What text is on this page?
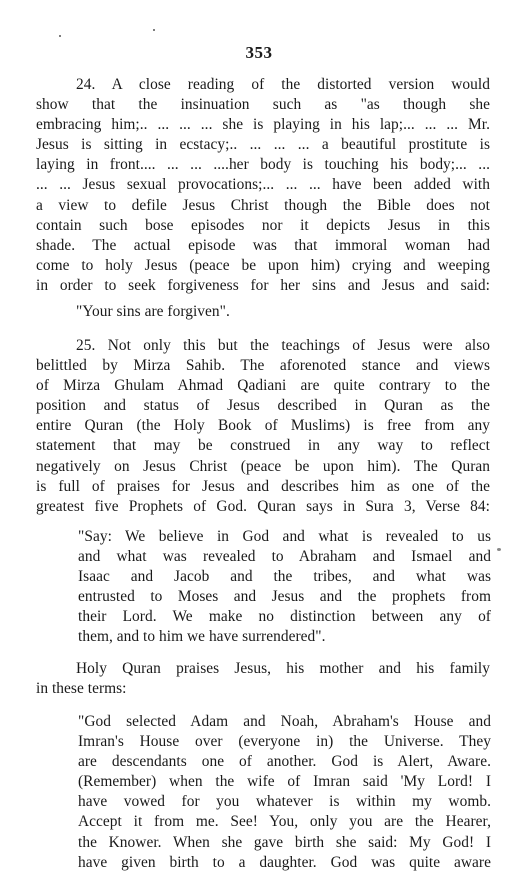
353
24. A close reading of the distorted version would
show that the insinuation such as "as though she
embracing him;.. ... ... ... she is playing in his lap;... ... ... Mr.
Jesus is sitting in ecstacy;.. ... ... ... a beautiful prostitute is
laying in front.... ... ... ....her body is touching his body;... ...
... ... Jesus sexual provocations;... ... ... have been added with
a view to defile Jesus Christ though the Bible does not
contain such bose episodes nor it depicts Jesus in this
shade. The actual episode was that immoral woman had
come to holy Jesus (peace be upon him) crying and weeping
in order to seek forgiveness for her sins and Jesus and said:
"Your sins are forgiven".
25. Not only this but the teachings of Jesus were also
belittled by Mirza Sahib. The aforenoted stance and views
of Mirza Ghulam Ahmad Qadiani are quite contrary to the
position and status of Jesus described in Quran as the
entire Quran (the Holy Book of Muslims) is free from any
statement that may be construed in any way to reflect
negatively on Jesus Christ (peace be upon him). The Quran
is full of praises for Jesus and describes him as one of the
greatest five Prophets of God. Quran says in Sura 3, Verse 84:
"Say: We believe in God and what is revealed to us
and what was revealed to Abraham and Ismael and
Isaac and Jacob and the tribes, and what was
entrusted to Moses and Jesus and the prophets from
their Lord. We make no distinction between any of
them, and to him we have surrendered".
Holy Quran praises Jesus, his mother and his family
in these terms:
"God selected Adam and Noah, Abraham's House and
Imran's House over (everyone in) the Universe. They
are descendants one of another. God is Alert, Aware.
(Remember) when the wife of Imran said 'My Lord! I
have vowed for you whatever is within my womb.
Accept it from me. See! You, only you are the Hearer,
the Knower. When she gave birth she said: My God! I
have given birth to a daughter. God was quite aware
